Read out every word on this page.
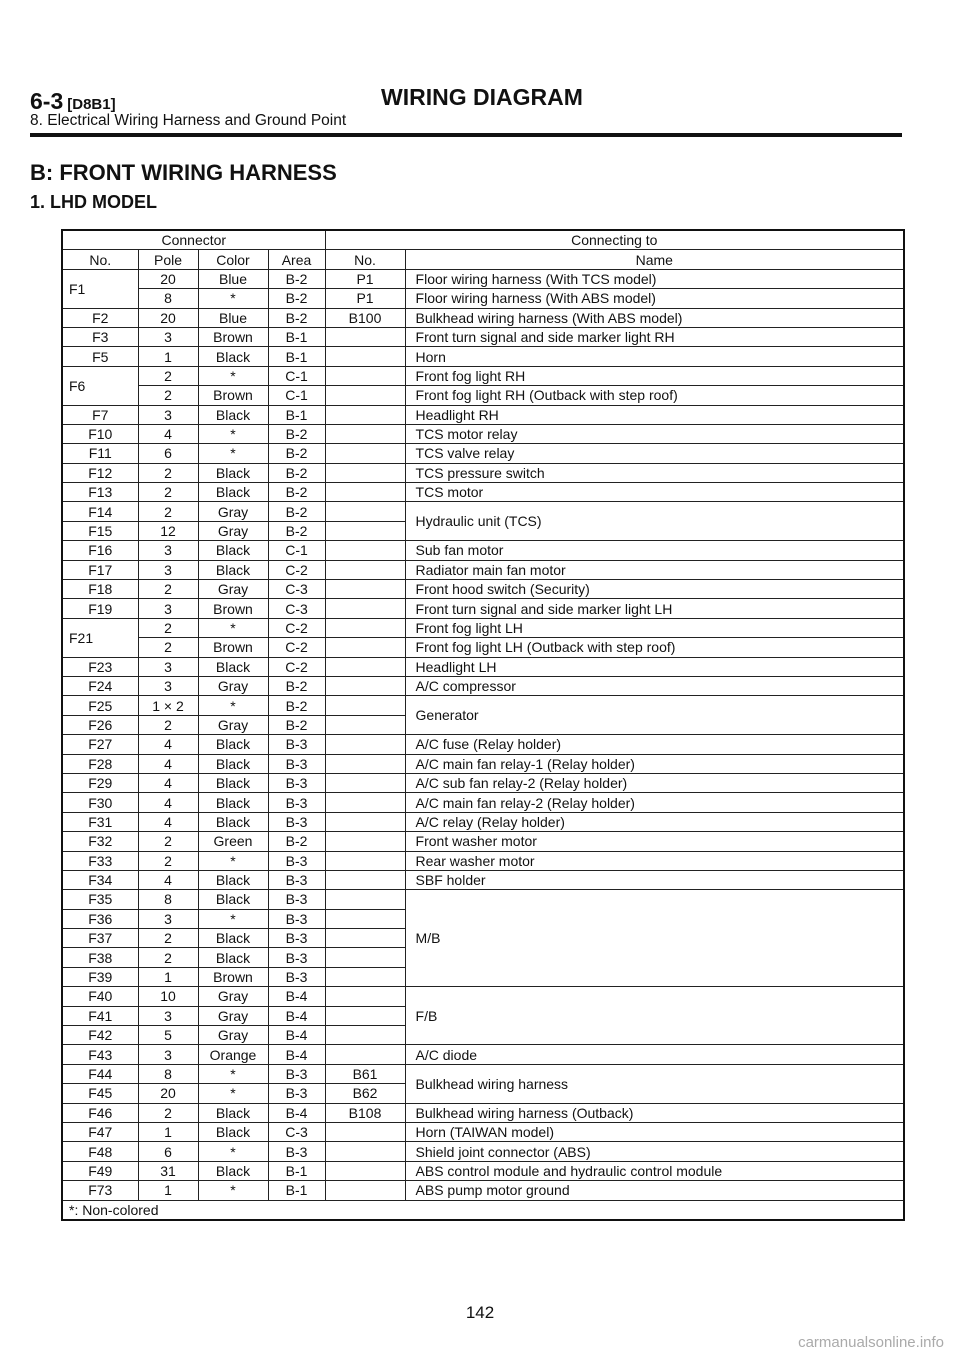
6-3 [D8B1]	WIRING DIAGRAM
8. Electrical Wiring Harness and Ground Point
B: FRONT WIRING HARNESS
1. LHD MODEL
Connector				Connecting to	
No.	Pole	Color	Area	No.	Name
F1	20	Blue	B-2	P1	Floor wiring harness (With TCS model)
	8	*	B-2	P1	Floor wiring harness (With ABS model)
F2	20	Blue	B-2	B100	Bulkhead wiring harness (With ABS model)
F3	3	Brown	B-1		Front turn signal and side marker light RH
F5	1	Black	B-1		Horn
F6	2	*	C-1		Front fog light RH
	2	Brown	C-1		Front fog light RH (Outback with step roof)
F7	3	Black	B-1		Headlight RH
F10	4	*	B-2		TCS motor relay
F11	6	*	B-2		TCS valve relay
F12	2	Black	B-2		TCS pressure switch
F13	2	Black	B-2		TCS motor
F14	2	Gray	B-2		Hydraulic unit (TCS)
F15	12	Gray	B-2		
F16	3	Black	C-1		Sub fan motor
F17	3	Black	C-2		Radiator main fan motor
F18	2	Gray	C-3		Front hood switch (Security)
F19	3	Brown	C-3		Front turn signal and side marker light LH
F21	2	*	C-2		Front fog light LH
	2	Brown	C-2		Front fog light LH (Outback with step roof)
F23	3	Black	C-2		Headlight LH
F24	3	Gray	B-2		A/C compressor
F25	1 × 2	*	B-2		Generator
F26	2	Gray	B-2		
F27	4	Black	B-3		A/C fuse (Relay holder)
F28	4	Black	B-3		A/C main fan relay-1 (Relay holder)
F29	4	Black	B-3		A/C sub fan relay-2 (Relay holder)
F30	4	Black	B-3		A/C main fan relay-2 (Relay holder)
F31	4	Black	B-3		A/C relay (Relay holder)
F32	2	Green	B-2		Front washer motor
F33	2	*	B-3		Rear washer motor
F34	4	Black	B-3		SBF holder
F35	8	Black	B-3		M/B
F36	3	*	B-3		
F37	2	Black	B-3		
F38	2	Black	B-3		
F39	1	Brown	B-3		
F40	10	Gray	B-4		F/B
F41	3	Gray	B-4		
F42	5	Gray	B-4		
F43	3	Orange	B-4		A/C diode
F44	8	*	B-3	B61	Bulkhead wiring harness
F45	20	*	B-3	B62	
F46	2	Black	B-4	B108	Bulkhead wiring harness (Outback)
F47	1	Black	C-3		Horn (TAIWAN model)
F48	6	*	B-3		Shield joint connector (ABS)
F49	31	Black	B-1		ABS control module and hydraulic control module
F73	1	*	B-1		ABS pump motor ground
*: Non-colored					
142
carmanualsonline.info
